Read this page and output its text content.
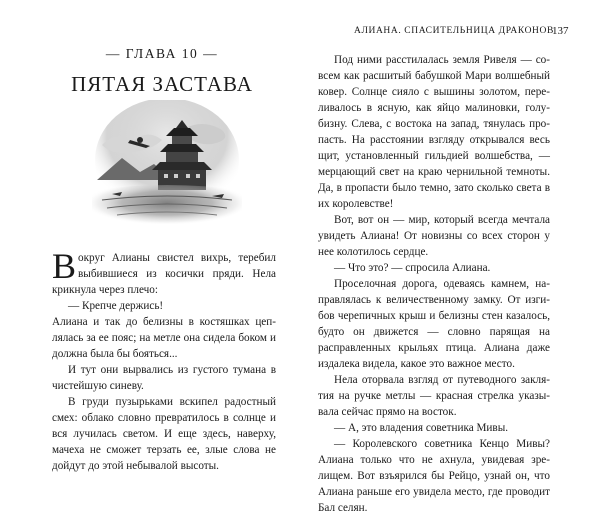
— ГЛАВА 10 —
ПЯТАЯ ЗАСТАВА

Вокруг Алианы свистел вихрь, теребил выбившиеся из косички пряди. Нела крикнула через плечо:

— Крепче держись!

Алиана и так до белизны в костяшках цеплялась за ее пояс; на метле она сидела боком и должна была бы бояться...

И тут они вырвались из густого тумана в чистейшую синеву.

В груди пузырьками вскипел радостный смех: облако словно превратилось в солнце и вся лучилась светом. И еще здесь, наверху, мачеха не сможет терзать ее, злые слова не дойдут до этой небывалой высоты.

АЛИАНА. СПАСИТЕЛЬНИЦА ДРАКОНОВ
137

Под ними расстилалась земля Ривеля — совсем как расшитый бабушкой Мари волшебный ковер. Солнце сияло с вышины золотом, переливалось в ясную, как яйцо малиновки, голубизну. Слева, с востока на запад, тянулась пропасть. На расстоянии взгляду открывался весь щит, установленный гильдией волшебства, — мерцающий свет на краю чернильной темноты. Да, в пропасти было темно, зато сколько света в их королевстве!

Вот, вот он — мир, который всегда мечтала увидеть Алиана! От новизны со всех сторон у нее колотилось сердце.

— Что это? — спросила Алиана.

Проселочная дорога, одеваясь камнем, направлялась к величественному замку. От изгибов черепичных крыш и белизны стен казалось, будто он движется — словно парящая на расправленных крыльях птица. Алиана даже издалека видела, какое это важное место.

Нела оторвала взгляд от путеводного заклятия на ручке метлы — красная стрелка указывала сейчас прямо на восток.

— А, это владения советника Мивы.

— Королевского советника Кенцо Мивы? Алиана только что не ахнула, увидевая зрелищем. Вот взъярился бы Рейцо, узнай он, что Алиана раньше его увидела место, где проводит Бал селян.
